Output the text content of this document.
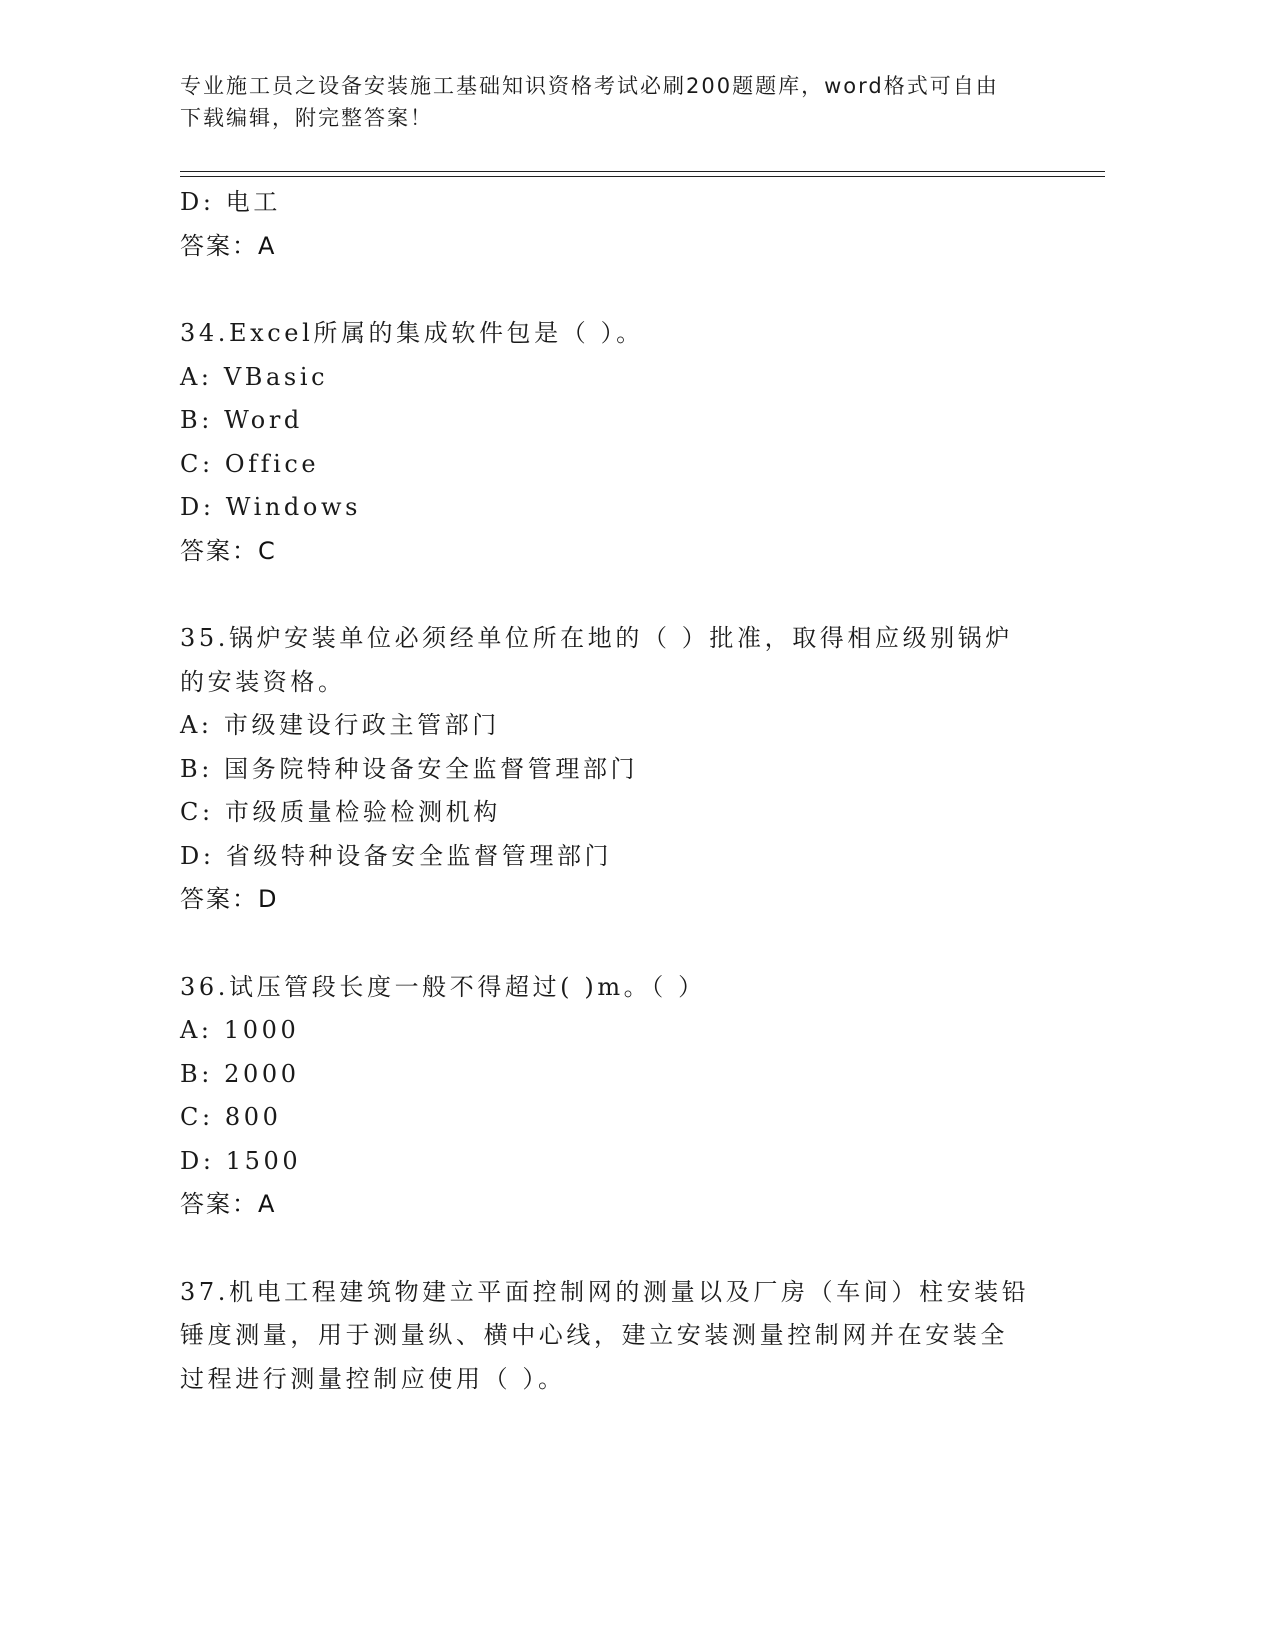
专业施工员之设备安装施工基础知识资格考试必刷200题题库，word格式可自由
下载编辑，附完整答案！
D: 电工
答案：A
34.Excel所属的集成软件包是（ ）。
A: VBasic
B: Word
C: Office
D: Windows
答案：C
35.锅炉安装单位必须经单位所在地的（ ）批准，取得相应级别锅炉
的安装资格。
A: 市级建设行政主管部门
B: 国务院特种设备安全监督管理部门
C: 市级质量检验检测机构
D: 省级特种设备安全监督管理部门
答案：D
36.试压管段长度一般不得超过( )m。（ ）
A: 1000
B: 2000
C: 800
D: 1500
答案：A
37.机电工程建筑物建立平面控制网的测量以及厂房（车间）柱安装铅
锤度测量，用于测量纵、横中心线，建立安装测量控制网并在安装全
过程进行测量控制应使用（ ）。
